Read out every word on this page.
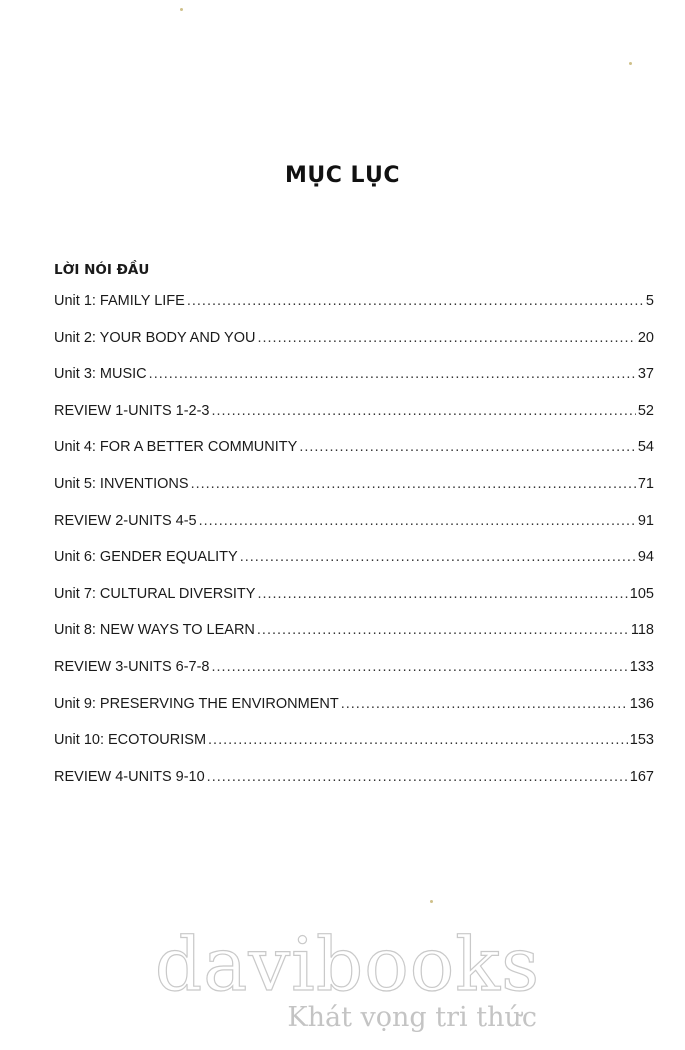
MỤC LỤC
LỜI NÓI ĐẦU
Unit 1: FAMILY LIFE .....	5
Unit 2: YOUR BODY AND YOU .....	20
Unit 3: MUSIC .....	37
REVIEW 1-UNITS 1-2-3 .....	52
Unit 4: FOR A BETTER COMMUNITY .....	54
Unit 5: INVENTIONS .....	71
REVIEW 2-UNITS 4-5 .....	91
Unit 6: GENDER EQUALITY .....	94
Unit 7: CULTURAL DIVERSITY .....	105
Unit 8: NEW WAYS TO LEARN .....	118
REVIEW 3-UNITS 6-7-8 .....	133
Unit 9: PRESERVING THE ENVIRONMENT .....	136
Unit 10: ECOTOURISM .....	153
REVIEW 4-UNITS 9-10 .....	167
davibooks
Khát vọng tri thức
